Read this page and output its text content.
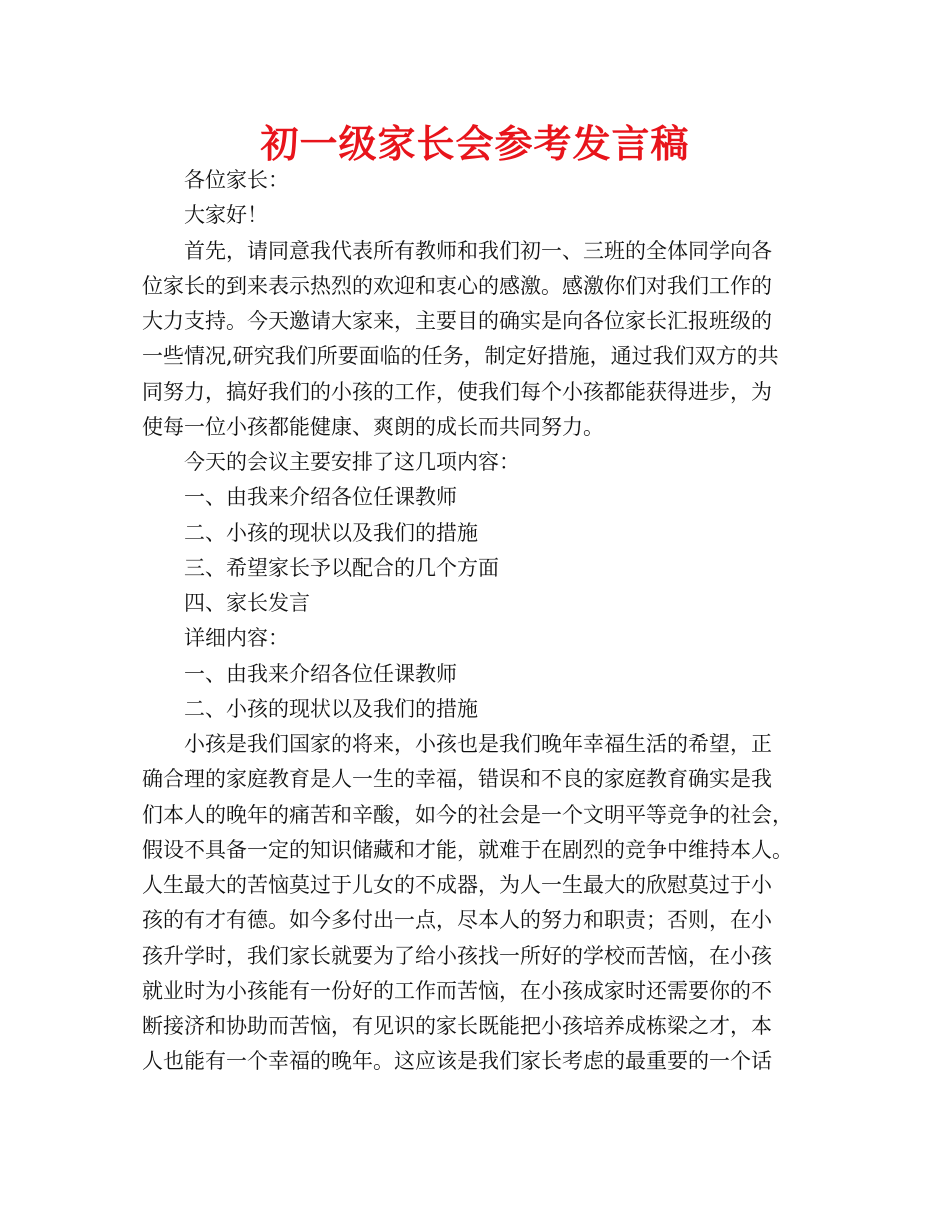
初一级家长会参考发言稿
各位家长：
大家好！
首先，请同意我代表所有教师和我们初一、三班的全体同学向各
位家长的到来表示热烈的欢迎和衷心的感激。感激你们对我们工作的
大力支持。今天邀请大家来，主要目的确实是向各位家长汇报班级的
一些情况,研究我们所要面临的任务，制定好措施，通过我们双方的共
同努力，搞好我们的小孩的工作，使我们每个小孩都能获得进步，为
使每一位小孩都能健康、爽朗的成长而共同努力。
今天的会议主要安排了这几项内容：
一、由我来介绍各位任课教师
二、小孩的现状以及我们的措施
三、希望家长予以配合的几个方面
四、家长发言
详细内容：
一、由我来介绍各位任课教师
二、小孩的现状以及我们的措施
小孩是我们国家的将来，小孩也是我们晚年幸福生活的希望，正
确合理的家庭教育是人一生的幸福，错误和不良的家庭教育确实是我
们本人的晚年的痛苦和辛酸，如今的社会是一个文明平等竞争的社会，
假设不具备一定的知识储藏和才能，就难于在剧烈的竞争中维持本人。
人生最大的苦恼莫过于儿女的不成器，为人一生最大的欣慰莫过于小
孩的有才有德。如今多付出一点，尽本人的努力和职责；否则，在小
孩升学时，我们家长就要为了给小孩找一所好的学校而苦恼，在小孩
就业时为小孩能有一份好的工作而苦恼，在小孩成家时还需要你的不
断接济和协助而苦恼，有见识的家长既能把小孩培养成栋梁之才，本
人也能有一个幸福的晚年。这应该是我们家长考虑的最重要的一个话
